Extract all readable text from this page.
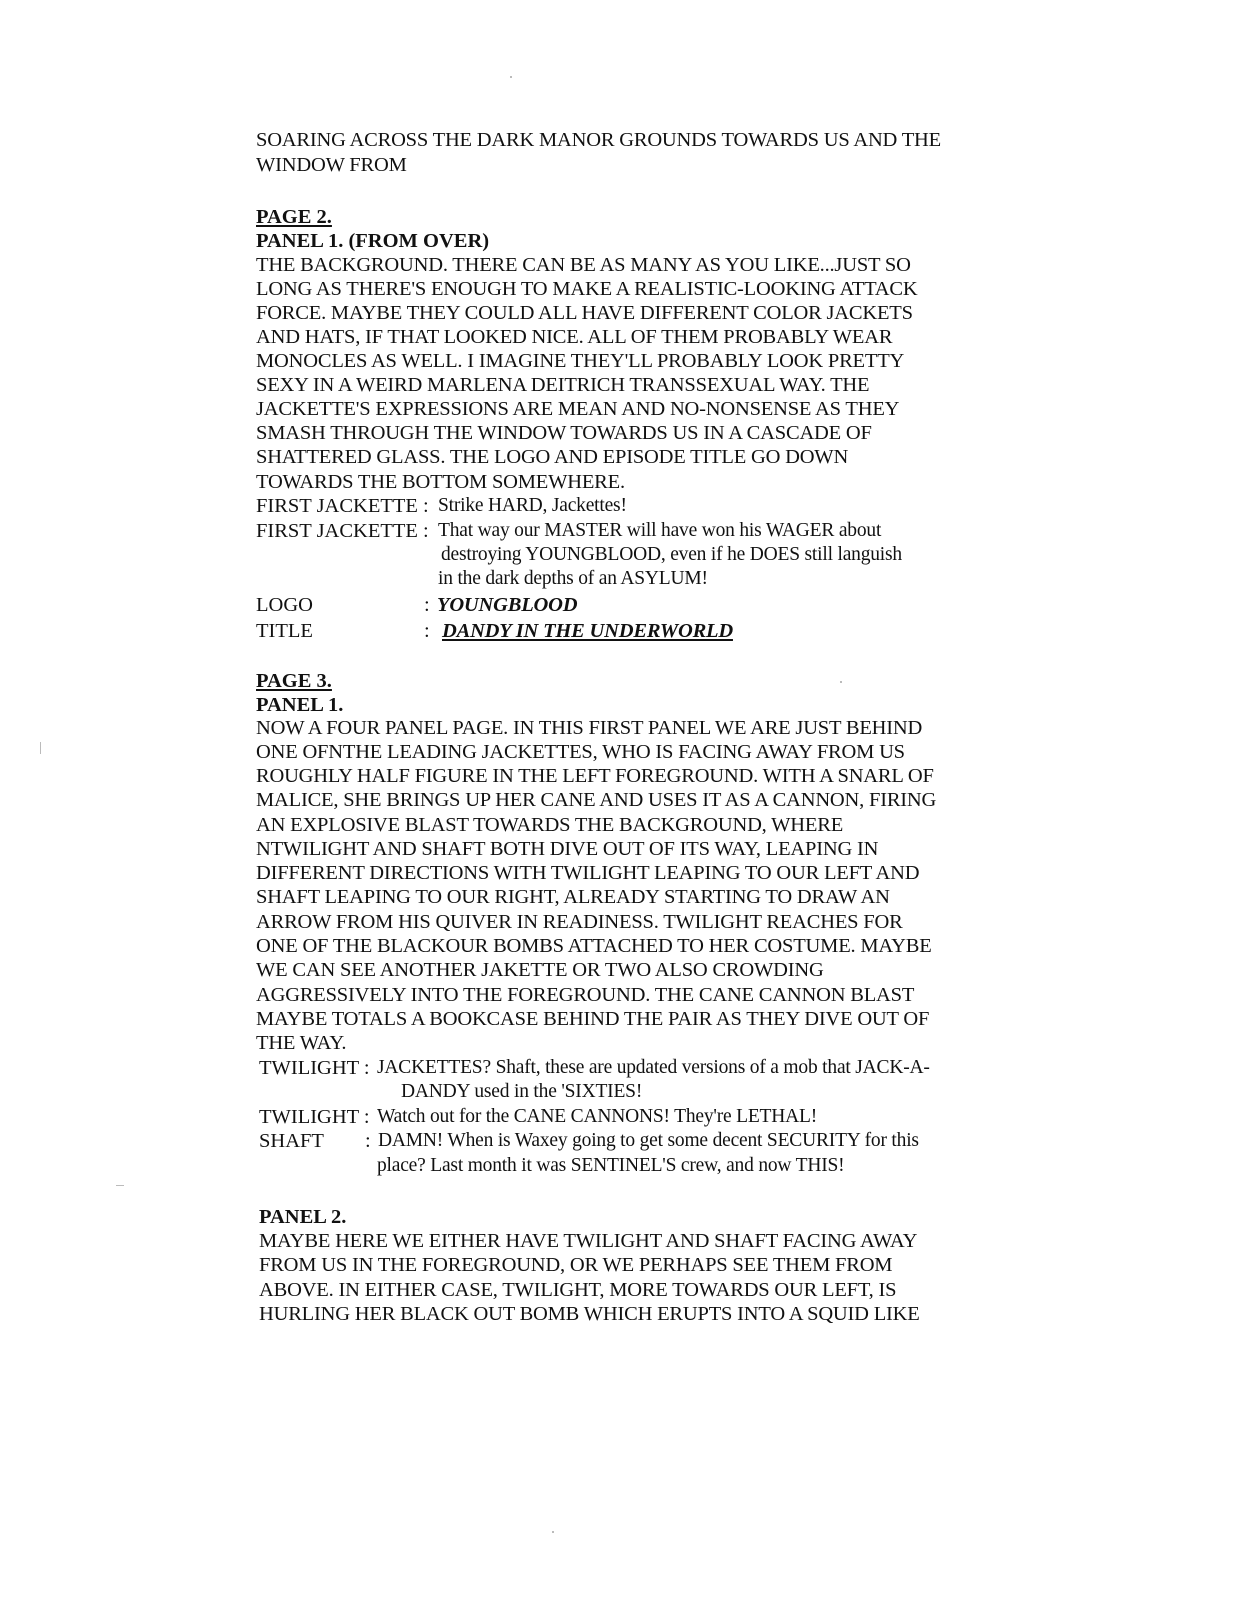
SOARING ACROSS THE DARK MANOR GROUNDS TOWARDS US AND THE
WINDOW FROM
PAGE 2.
PANEL 1. (FROM OVER)
THE BACKGROUND. THERE CAN BE AS MANY AS YOU LIKE...JUST SO
LONG AS THERE'S ENOUGH TO MAKE A REALISTIC-LOOKING ATTACK
FORCE. MAYBE THEY COULD ALL HAVE DIFFERENT COLOR JACKETS
AND HATS, IF THAT LOOKED NICE. ALL OF THEM PROBABLY WEAR
MONOCLES AS WELL. I IMAGINE THEY'LL PROBABLY LOOK PRETTY
SEXY IN A WEIRD MARLENA DEITRICH TRANSSEXUAL WAY. THE
JACKETTE'S EXPRESSIONS ARE MEAN AND NO-NONSENSE AS THEY
SMASH THROUGH THE WINDOW TOWARDS US IN A CASCADE OF
SHATTERED GLASS. THE LOGO AND EPISODE TITLE GO DOWN
TOWARDS THE BOTTOM SOMEWHERE.
FIRST JACKETTE : Strike HARD, Jackettes!
FIRST JACKETTE : That way our MASTER will have won his WAGER about
destroying YOUNGBLOOD, even if he DOES still languish
in the dark depths of an ASYLUM!
LOGO	: YOUNGBLOOD
TITLE	: DANDY IN THE UNDERWORLD
PAGE 3.
PANEL 1.
NOW A FOUR PANEL PAGE. IN THIS FIRST PANEL WE ARE JUST BEHIND
ONE OFNTHE LEADING JACKETTES, WHO IS FACING AWAY FROM US
ROUGHLY HALF FIGURE IN THE LEFT FOREGROUND. WITH A SNARL OF
MALICE, SHE BRINGS UP HER CANE AND USES IT AS A CANNON, FIRING
AN EXPLOSIVE BLAST TOWARDS THE BACKGROUND, WHERE
NTWILIGHT AND SHAFT BOTH DIVE OUT OF ITS WAY, LEAPING IN
DIFFERENT DIRECTIONS WITH TWILIGHT LEAPING TO OUR LEFT AND
SHAFT LEAPING TO OUR RIGHT, ALREADY STARTING TO DRAW AN
ARROW FROM HIS QUIVER IN READINESS. TWILIGHT REACHES FOR
ONE OF THE BLACKOUR BOMBS ATTACHED TO HER COSTUME. MAYBE
WE CAN SEE ANOTHER JAKETTE OR TWO ALSO CROWDING
AGGRESSIVELY INTO THE FOREGROUND. THE CANE CANNON BLAST
MAYBE TOTALS A BOOKCASE BEHIND THE PAIR AS THEY DIVE OUT OF
THE WAY.
TWILIGHT : JACKETTES? Shaft, these are updated versions of a mob that JACK-A-
DANDY used in the 'SIXTIES!
TWILIGHT : Watch out for the CANE CANNONS! They're LETHAL!
SHAFT : DAMN! When is Waxey going to get some decent SECURITY for this
place? Last month it was SENTINEL'S crew, and now THIS!
PANEL 2.
MAYBE HERE WE EITHER HAVE TWILIGHT AND SHAFT FACING AWAY
FROM US IN THE FOREGROUND, OR WE PERHAPS SEE THEM FROM
ABOVE. IN EITHER CASE, TWILIGHT, MORE TOWARDS OUR LEFT, IS
HURLING HER BLACK OUT BOMB WHICH ERUPTS INTO A SQUID LIKE
